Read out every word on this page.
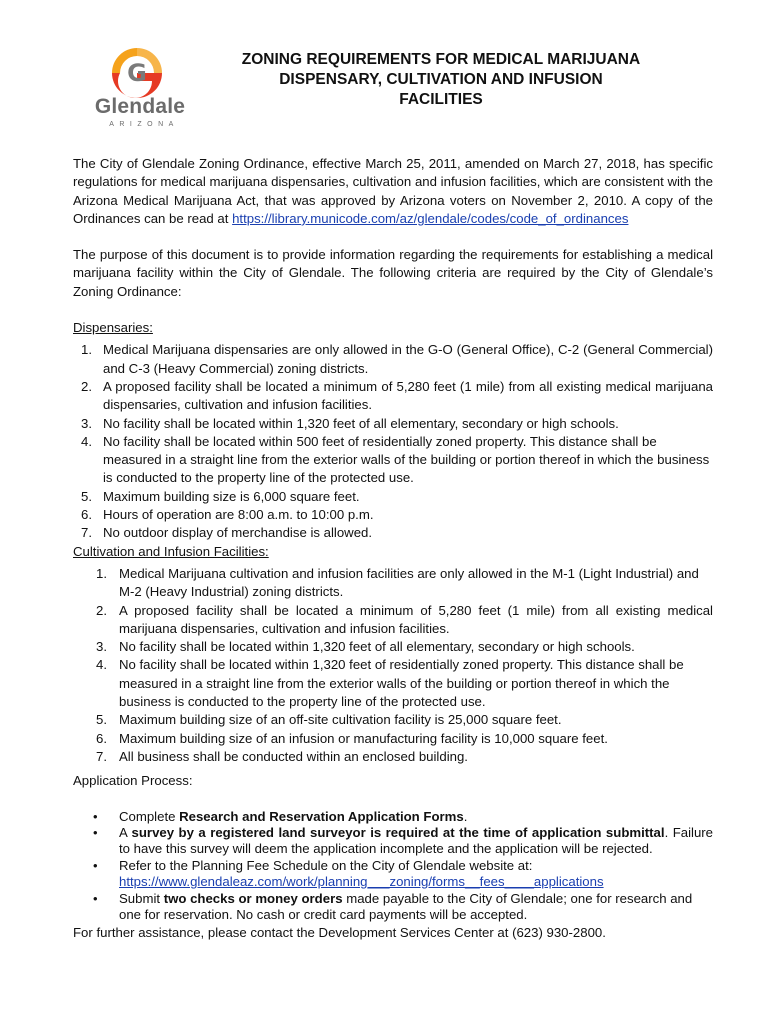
G
Glendale
ARIZONA
ZONING REQUIREMENTS FOR MEDICAL MARIJUANA
DISPENSARY, CULTIVATION AND INFUSION
FACILITIES

The City of Glendale Zoning Ordinance, effective March 25, 2011, amended on March 27, 2018, has specific regulations for medical marijuana dispensaries, cultivation and infusion facilities, which are consistent with the Arizona Medical Marijuana Act, that was approved by Arizona voters on November 2, 2010. A copy of the Ordinances can be read at https://library.municode.com/az/glendale/codes/code_of_ordinances

The purpose of this document is to provide information regarding the requirements for establishing a medical marijuana facility within the City of Glendale. The following criteria are required by the City of Glendale’s Zoning Ordinance:

Dispensaries:
1. Medical Marijuana dispensaries are only allowed in the G-O (General Office), C-2 (General Commercial) and C-3 (Heavy Commercial) zoning districts.
2. A proposed facility shall be located a minimum of 5,280 feet (1 mile) from all existing medical marijuana dispensaries, cultivation and infusion facilities.
3. No facility shall be located within 1,320 feet of all elementary, secondary or high schools.
4. No facility shall be located within 500 feet of residentially zoned property. This distance shall be measured in a straight line from the exterior walls of the building or portion thereof in which the business is conducted to the property line of the protected use.
5. Maximum building size is 6,000 square feet.
6. Hours of operation are 8:00 a.m. to 10:00 p.m.
7. No outdoor display of merchandise is allowed.
Cultivation and Infusion Facilities:
1. Medical Marijuana cultivation and infusion facilities are only allowed in the M-1 (Light Industrial) and M-2 (Heavy Industrial) zoning districts.
2. A proposed facility shall be located a minimum of 5,280 feet (1 mile) from all existing medical marijuana dispensaries, cultivation and infusion facilities.
3. No facility shall be located within 1,320 feet of all elementary, secondary or high schools.
4. No facility shall be located within 1,320 feet of residentially zoned property. This distance shall be measured in a straight line from the exterior walls of the building or portion thereof in which the business is conducted to the property line of the protected use.
5. Maximum building size of an off-site cultivation facility is 25,000 square feet.
6. Maximum building size of an infusion or manufacturing facility is 10,000 square feet.
7. All business shall be conducted within an enclosed building.
Application Process:
• Complete Research and Reservation Application Forms.
• A survey by a registered land surveyor is required at the time of application submittal. Failure to have this survey will deem the application incomplete and the application will be rejected.
• Refer to the Planning Fee Schedule on the City of Glendale website at:
https://www.glendaleaz.com/work/planning___zoning/forms__fees____applications
• Submit two checks or money orders made payable to the City of Glendale; one for research and one for reservation. No cash or credit card payments will be accepted.

For further assistance, please contact the Development Services Center at (623) 930-2800.
